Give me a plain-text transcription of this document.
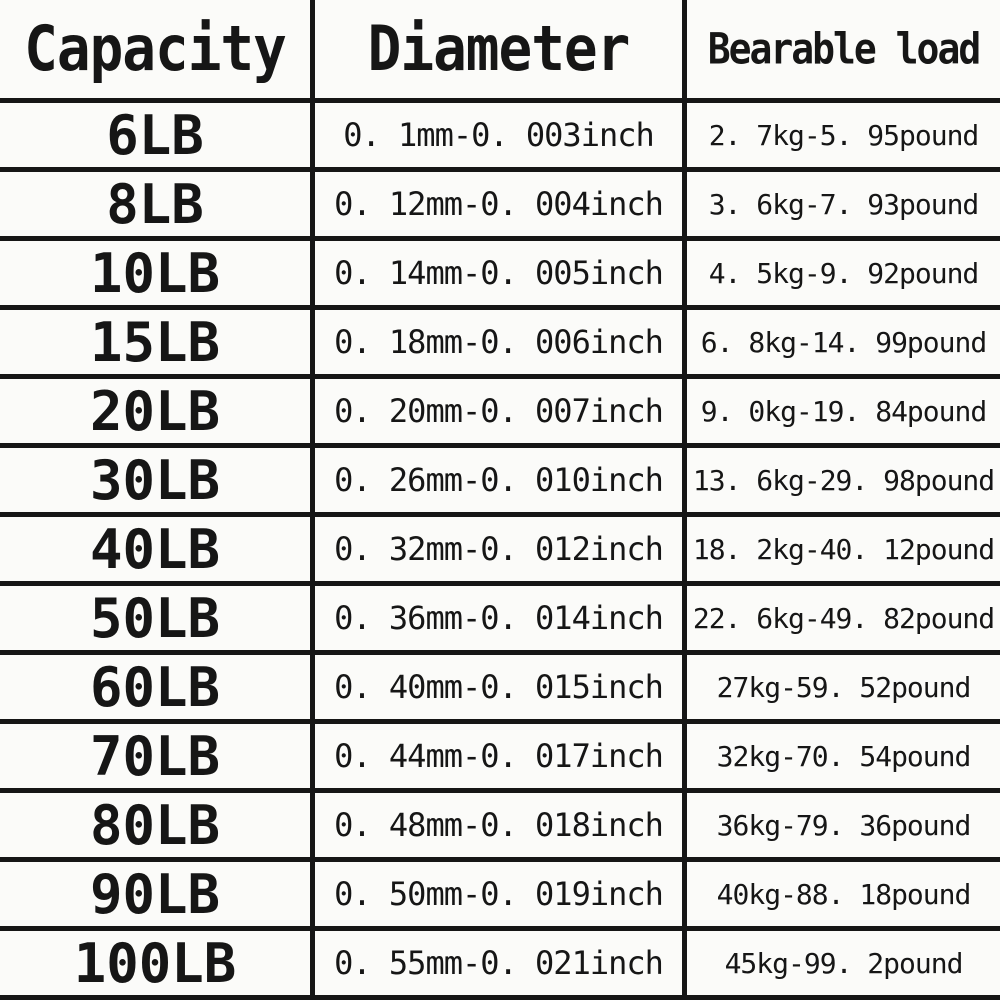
Capacity Diameter Bearable load
6LB	0. 1mm-0. 003inch	2. 7kg-5. 95pound
8LB	0. 12mm-0. 004inch	3. 6kg-7. 93pound
10LB	0. 14mm-0. 005inch	4. 5kg-9. 92pound
15LB	0. 18mm-0. 006inch	6. 8kg-14. 99pound
20LB	0. 20mm-0. 007inch	9. 0kg-19. 84pound
30LB	0. 26mm-0. 010inch	13. 6kg-29. 98pound
40LB	0. 32mm-0. 012inch	18. 2kg-40. 12pound
50LB	0. 36mm-0. 014inch	22. 6kg-49. 82pound
60LB	0. 40mm-0. 015inch	27kg-59. 52pound
70LB	0. 44mm-0. 017inch	32kg-70. 54pound
80LB	0. 48mm-0. 018inch	36kg-79. 36pound
90LB	0. 50mm-0. 019inch	40kg-88. 18pound
100LB	0. 55mm-0. 021inch	45kg-99. 2pound
